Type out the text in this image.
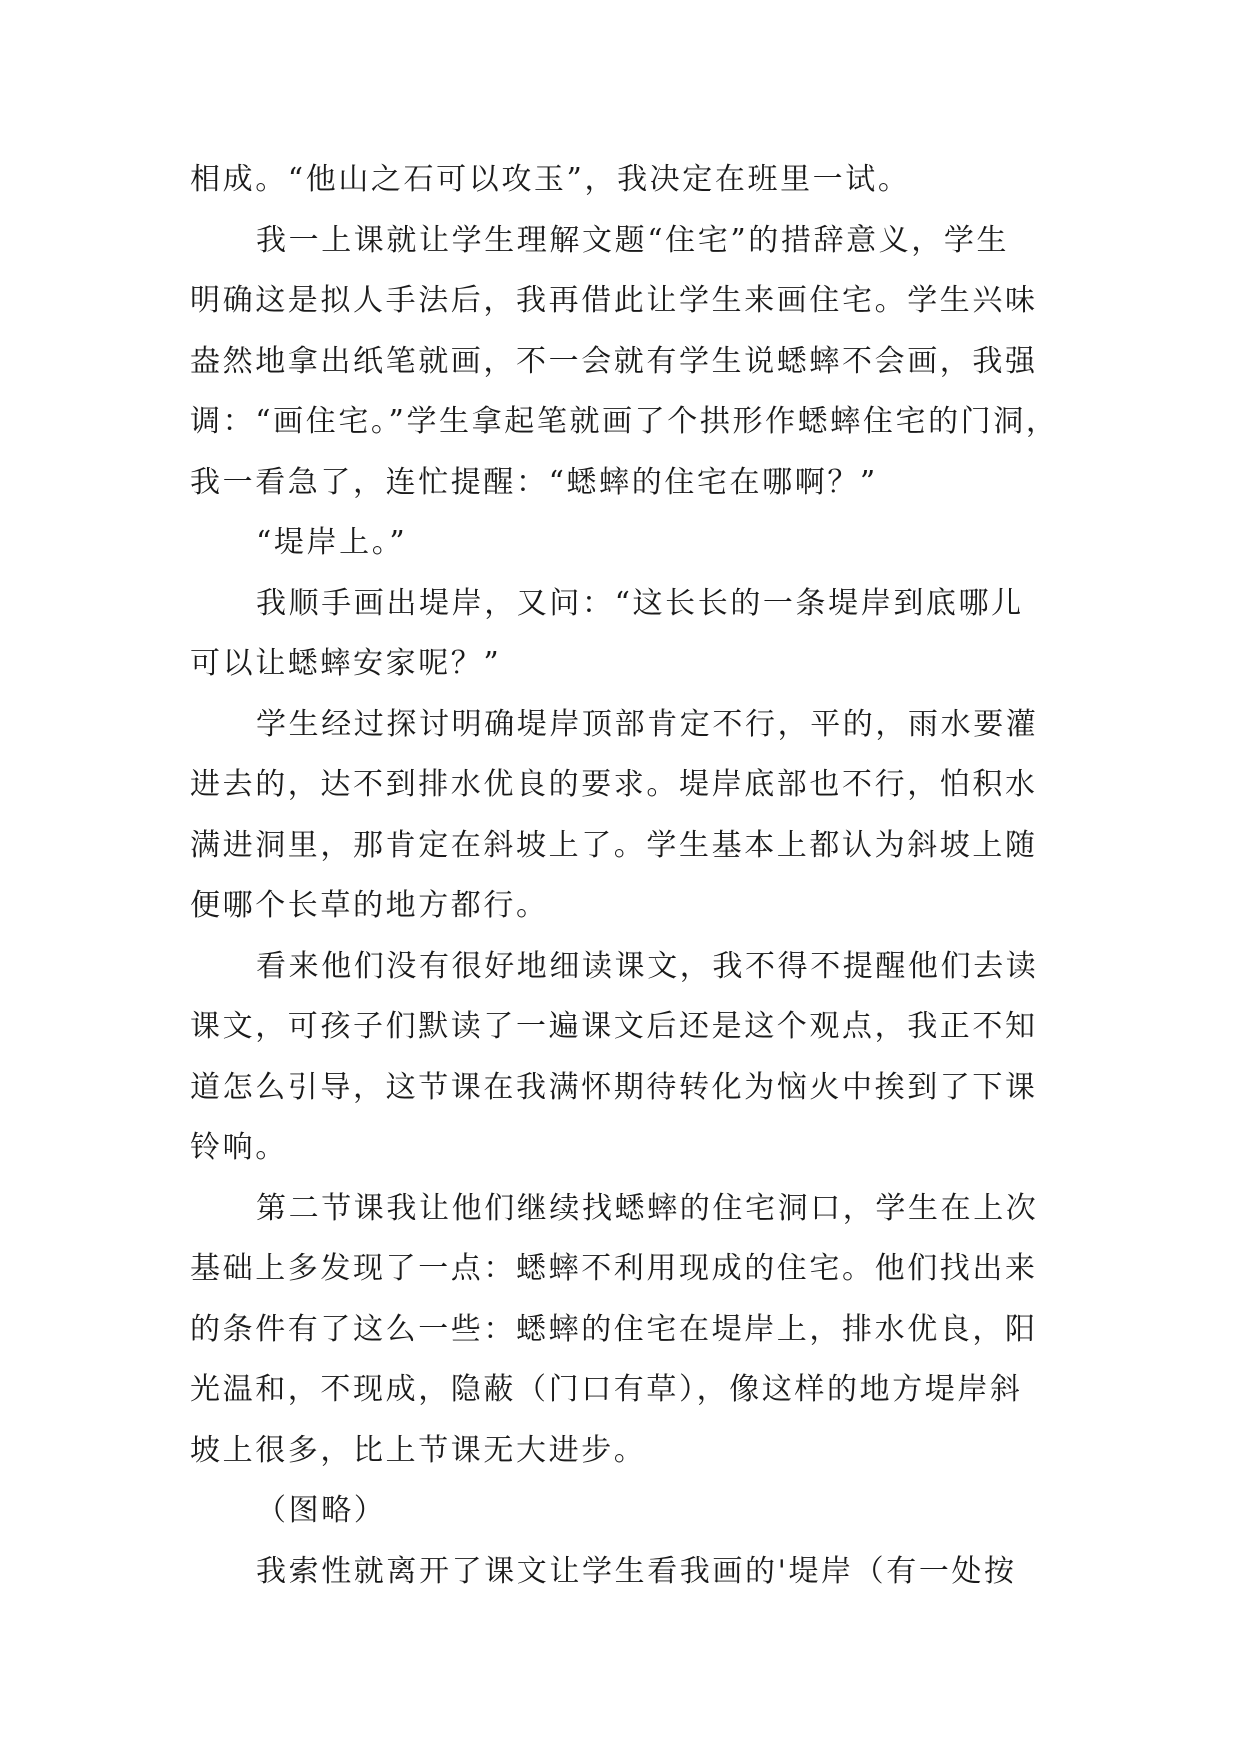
相成。“他山之石可以攻玉”，我决定在班里一试。
我一上课就让学生理解文题“住宅”的措辞意义，学生
明确这是拟人手法后，我再借此让学生来画住宅。学生兴味
盎然地拿出纸笔就画，不一会就有学生说蟋蟀不会画，我强
调：“画住宅。”学生拿起笔就画了个拱形作蟋蟀住宅的门洞，
我一看急了，连忙提醒：“蟋蟀的住宅在哪啊？”
“堤岸上。”
我顺手画出堤岸，又问：“这长长的一条堤岸到底哪儿
可以让蟋蟀安家呢？”
学生经过探讨明确堤岸顶部肯定不行，平的，雨水要灌
进去的，达不到排水优良的要求。堤岸底部也不行，怕积水
满进洞里，那肯定在斜坡上了。学生基本上都认为斜坡上随
便哪个长草的地方都行。
看来他们没有很好地细读课文，我不得不提醒他们去读
课文，可孩子们默读了一遍课文后还是这个观点，我正不知
道怎么引导，这节课在我满怀期待转化为恼火中挨到了下课
铃响。
第二节课我让他们继续找蟋蟀的住宅洞口，学生在上次
基础上多发现了一点：蟋蟀不利用现成的住宅。他们找出来
的条件有了这么一些：蟋蟀的住宅在堤岸上，排水优良，阳
光温和，不现成，隐蔽（门口有草），像这样的地方堤岸斜
坡上很多，比上节课无大进步。
（图略）
我索性就离开了课文让学生看我画的'堤岸（有一处按
